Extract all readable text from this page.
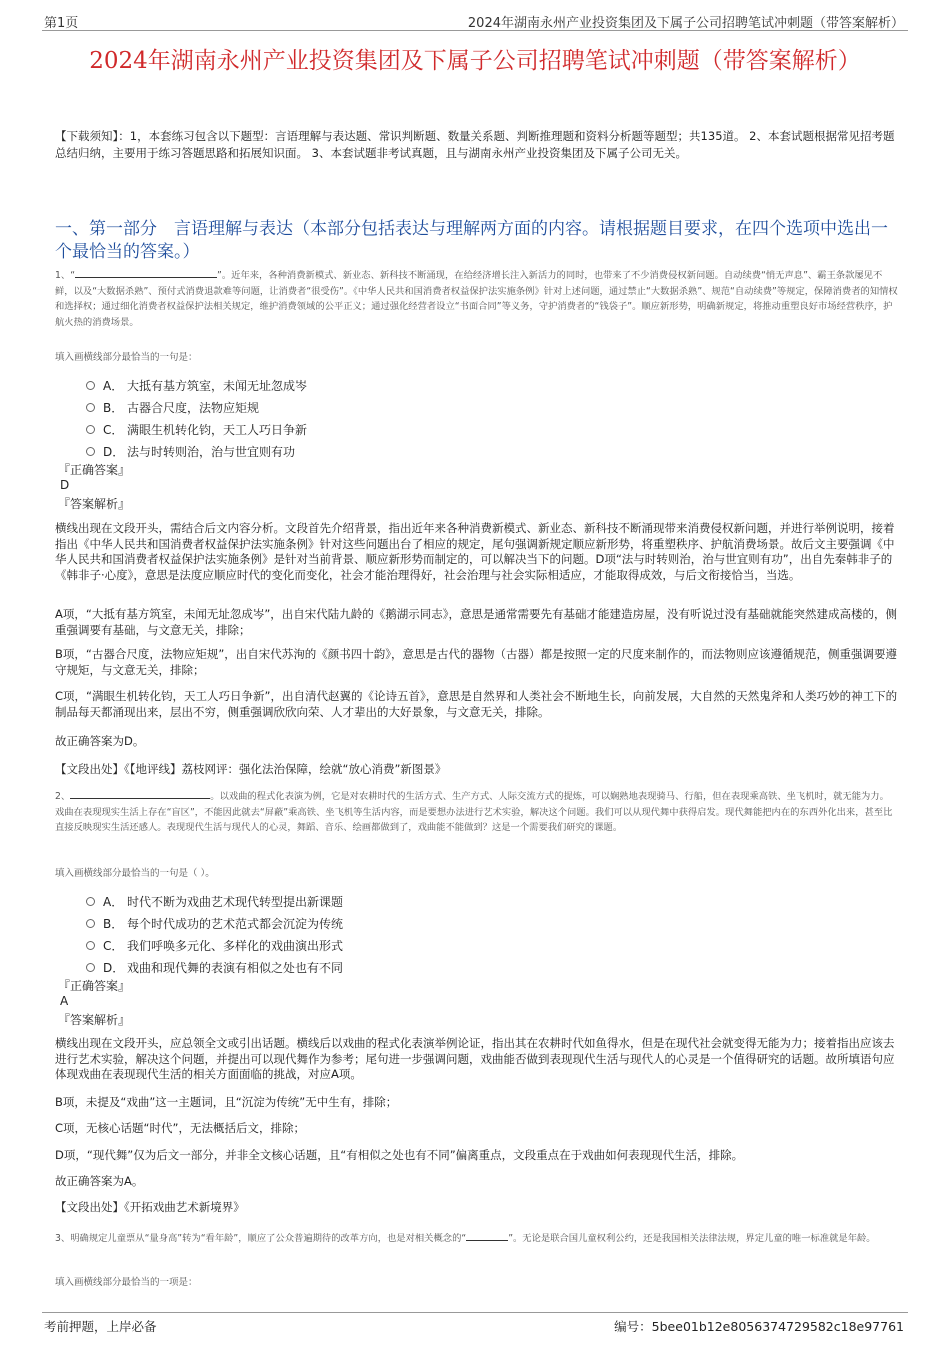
第1页	2024年湖南永州产业投资集团及下属子公司招聘笔试冲刺题（带答案解析）
2024年湖南永州产业投资集团及下属子公司招聘笔试冲刺题（带答案解析）
【下载须知】：1，本套练习包含以下题型：言语理解与表达题、常识判断题、数量关系题、判断推理题和资料分析题等题型；共135道。 2、本套试题根据常见招考题总结归纳，主要用于练习答题思路和拓展知识面。 3、本套试题非考试真题，且与湖南永州产业投资集团及下属子公司无关。
一、第一部分　言语理解与表达（本部分包括表达与理解两方面的内容。请根据题目要求，在四个选项中选出一个最恰当的答案。）
1、“	”。近年来，各种消费新模式、新业态、新科技不断涌现，在给经济增长注入新活力的同时，也带来了不少消费侵权新问题。自动续费“悄无声息”、霸王条款屡见不鲜，以及“大数据杀熟”、预付式消费退款难等问题，让消费者“很受伤”。《中华人民共和国消费者权益保护法实施条例》针对上述问题，通过禁止“大数据杀熟”、规范“自动续费”等规定，保障消费者的知情权和选择权；通过细化消费者权益保护法相关规定，维护消费领域的公平正义；通过强化经营者设立“书面合同”等义务，守护消费者的“钱袋子”。顺应新形势，明确新规定，将推动重塑良好市场经营秩序，护航火热的消费场景。
填入画横线部分最恰当的一句是：
A． 大抵有基方筑室，未闻无址忽成岑
B． 古器合尺度，法物应矩规
C． 满眼生机转化钧，天工人巧日争新
D． 法与时转则治，治与世宜则有功
『正确答案』
D
『答案解析』
横线出现在文段开头，需结合后文内容分析。文段首先介绍背景，指出近年来各种消费新模式、新业态、新科技不断涌现带来消费侵权新问题，并进行举例说明，接着指出《中华人民共和国消费者权益保护法实施条例》针对这些问题出台了相应的规定，尾句强调新规定顺应新形势，将重塑秩序、护航消费场景。故后文主要强调《中华人民共和国消费者权益保护法实施条例》是针对当前背景、顺应新形势而制定的，可以解决当下的问题。D项“法与时转则治，治与世宜则有功”，出自先秦韩非子的《韩非子·心度》，意思是法度应顺应时代的变化而变化，社会才能治理得好，社会治理与社会实际相适应，才能取得成效，与后文衔接恰当，当选。
A项，“大抵有基方筑室，未闻无址忽成岑”，出自宋代陆九龄的《鹅湖示同志》，意思是通常需要先有基础才能建造房屋，没有听说过没有基础就能突然建成高楼的，侧重强调要有基础，与文意无关，排除；
B项，“古器合尺度，法物应矩规”，出自宋代苏洵的《颜书四十韵》，意思是古代的器物（古器）都是按照一定的尺度来制作的，而法物则应该遵循规范，侧重强调要遵守规矩，与文意无关，排除；
C项，“满眼生机转化钧，天工人巧日争新”，出自清代赵翼的《论诗五首》，意思是自然界和人类社会不断地生长，向前发展，大自然的天然鬼斧和人类巧妙的神工下的制品每天都涌现出来，层出不穷，侧重强调欣欣向荣、人才辈出的大好景象，与文意无关，排除。
故正确答案为D。
【文段出处】《【地评线】荔枝网评：强化法治保障，绘就“放心消费”新图景》
2、	。以戏曲的程式化表演为例，它是对农耕时代的生活方式、生产方式、人际交流方式的提炼，可以娴熟地表现骑马、行船，但在表现乘高铁、坐飞机时，就无能为力。戏曲在表现现实生活上存在“盲区”，不能因此就去“屏蔽”乘高铁、坐飞机等生活内容，而是要想办法进行艺术实验，解决这个问题。我们可以从现代舞中获得启发。现代舞能把内在的东西外化出来，甚至比直接反映现实生活还感人。表现现代生活与现代人的心灵，舞蹈、音乐、绘画都做到了，戏曲能不能做到？这是一个需要我们研究的课题。
填入画横线部分最恰当的一句是（ ）。
A． 时代不断为戏曲艺术现代转型提出新课题
B． 每个时代成功的艺术范式都会沉淀为传统
C． 我们呼唤多元化、多样化的戏曲演出形式
D． 戏曲和现代舞的表演有相似之处也有不同
『正确答案』
A
『答案解析』
横线出现在文段开头，应总领全文或引出话题。横线后以戏曲的程式化表演举例论证，指出其在农耕时代如鱼得水，但是在现代社会就变得无能为力；接着指出应该去进行艺术实验，解决这个问题，并提出可以现代舞作为参考；尾句进一步强调问题，戏曲能否做到表现现代生活与现代人的心灵是一个值得研究的话题。故所填语句应体现戏曲在表现现代生活的相关方面面临的挑战，对应A项。
B项，未提及“戏曲”这一主题词，且“沉淀为传统”无中生有，排除；
C项，无核心话题“时代”，无法概括后文，排除；
D项，“现代舞”仅为后文一部分，并非全文核心话题，且“有相似之处也有不同”偏离重点，文段重点在于戏曲如何表现现代生活，排除。
故正确答案为A。
【文段出处】《开拓戏曲艺术新境界》
3、明确规定儿童票从“量身高”转为“看年龄”，顺应了公众普遍期待的改革方向，也是对相关概念的“	”。无论是联合国儿童权利公约，还是我国相关法律法规，界定儿童的唯一标准就是年龄。
填入画横线部分最恰当的一项是：
考前押题，上岸必备	编号：5bee01b12e8056374729582c18e97761
